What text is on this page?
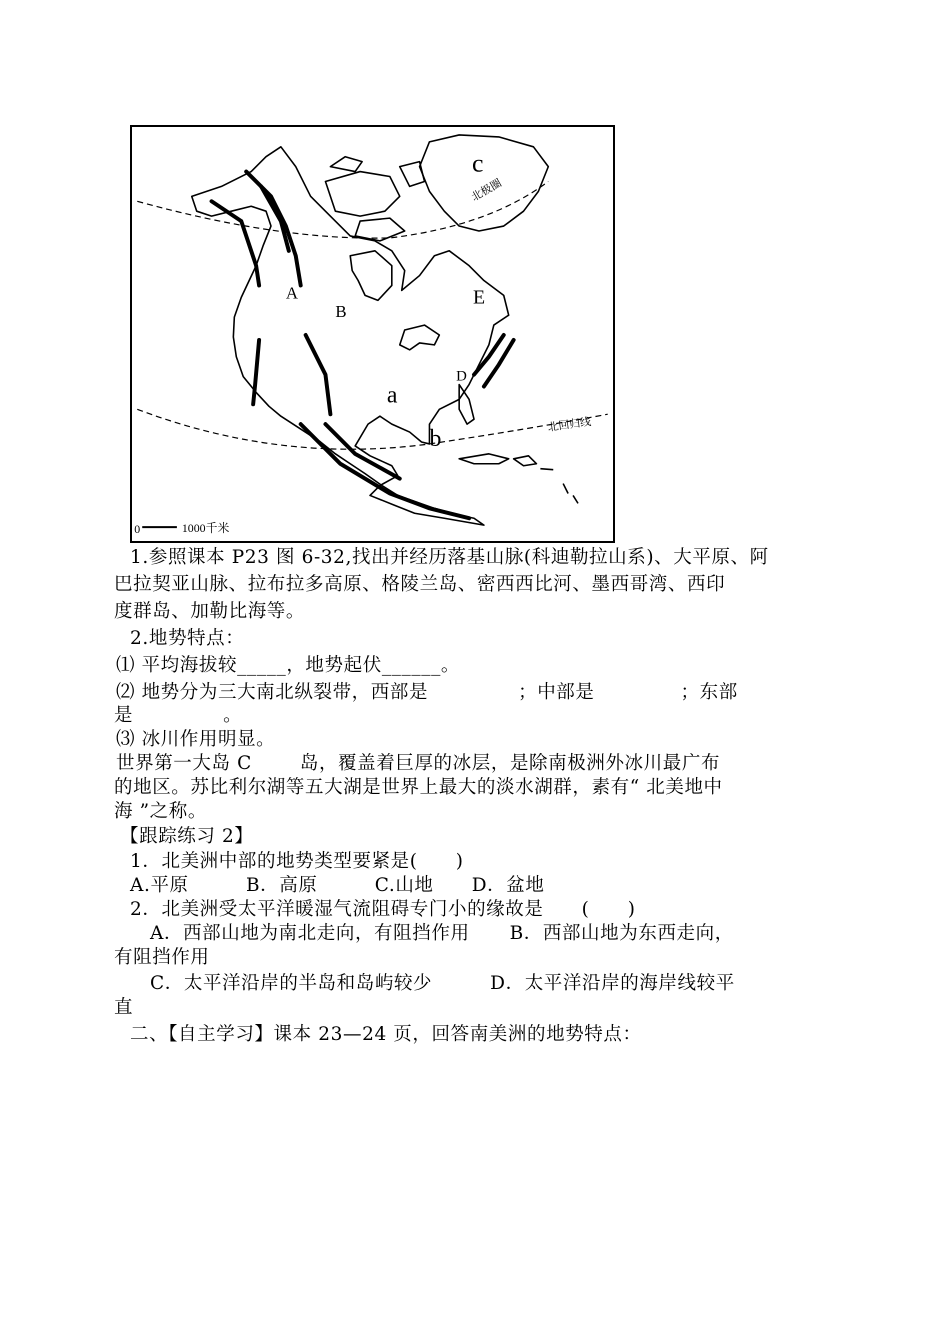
c
A
B
E
D
a
b
北极圈
北回归线
0	1000千米
1.参照课本 P23 图 6-32,找出并经历落基山脉(科迪勒拉山系)、大平原、阿
巴拉契亚山脉、拉布拉多高原、格陵兰岛、密西西比河、墨西哥湾、西印
度群岛、加勒比海等。
2.地势特点：
⑴ 平均海拔较_____，地势起伏______。
⑵ 地势分为三大南北纵裂带，西部是	；中部是	；东部
是	。
⑶ 冰川作用明显。
世界第一大岛 C	岛，覆盖着巨厚的冰层，是除南极洲外冰川最广布
的地区。苏比利尔湖等五大湖是世界上最大的淡水湖群，素有“ 北美地中
海 ”之称。
【跟踪练习 2】
1．北美洲中部的地势类型要紧是(　　)
A.平原　　　B．高原　　　C.山地　　D．盆地
2．北美洲受太平洋暖湿气流阻碍专门小的缘故是　　(　　)
A．西部山地为南北走向，有阻挡作用 B．西部山地为东西走向，
有阻挡作用
C．太平洋沿岸的半岛和岛屿较少	D．太平洋沿岸的海岸线较平
直
二、【自主学习】课本 23—24 页，回答南美洲的地势特点：
